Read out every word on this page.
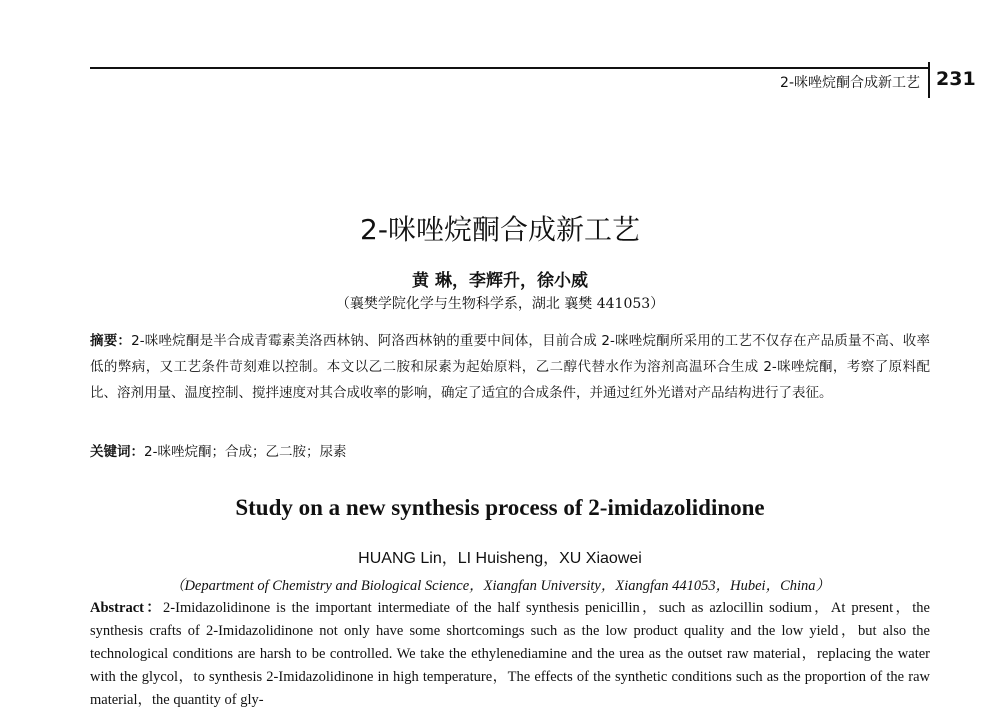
2-咪唑烷酮合成新工艺 231
2-咪唑烷酮合成新工艺
黄 琳，李辉升，徐小威
（襄樊学院化学与生物科学系，湖北 襄樊 441053）

摘要：2-咪唑烷酮是半合成青霉素美洛西林钠、阿洛西林钠的重要中间体，目前合成 2-咪唑烷酮所采用的工艺不仅存在产品质量不高、收率低的弊病，又工艺条件苛刻难以控制。本文以乙二胺和尿素为起始原料，乙二醇代替水作为溶剂高温环合生成 2-咪唑烷酮，考察了原料配比、溶剂用量、温度控制、搅拌速度对其合成收率的影响，确定了适宜的合成条件，并通过红外光谱对产品结构进行了表征。

关键词：2-咪唑烷酮；合成；乙二胺；尿素

Study on a new synthesis process of 2-imidazolidinone
HUANG Lin，LI Huisheng，XU Xiaowei
（Department of Chemistry and Biological Science，Xiangfan University，Xiangfan 441053，Hubei，China）

Abstract：2-Imidazolidinone is the important intermediate of the half synthesis penicillin，such as azlocillin sodium，At present，the synthesis crafts of 2-Imidazolidinone not only have some shortcomings such as the low product quality and the low yield，but also the technological conditions are harsh to be controlled. We take the ethylenediamine and the urea as the outset raw material，replacing the water with the glycol，to synthesis 2-Imidazolidinone in high temperature，The effects of the synthetic conditions such as the proportion of the raw material，the quantity of gly-
